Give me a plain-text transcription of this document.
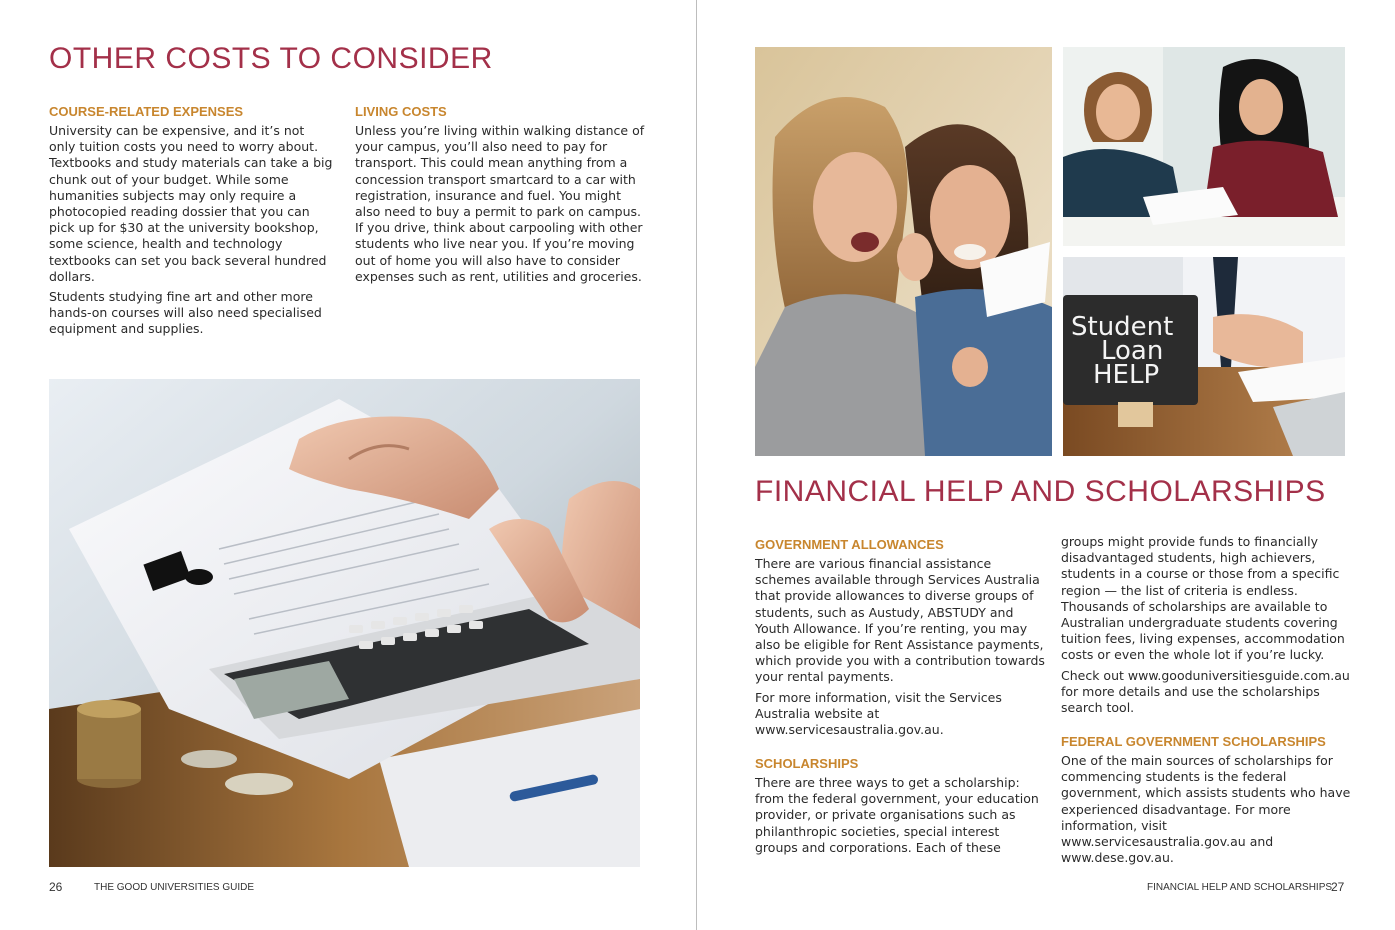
OTHER COSTS TO CONSIDER
COURSE-RELATED EXPENSES

University can be expensive, and it’s not only tuition costs you need to worry about. Textbooks and study materials can take a big chunk out of your budget. While some humanities subjects may only require a photocopied reading dossier that you can pick up for $30 at the university bookshop, some science, health and technology textbooks can set you back several hundred dollars.

Students studying fine art and other more hands-on courses will also need specialised equipment and supplies.

LIVING COSTS

Unless you’re living within walking distance of your campus, you’ll also need to pay for transport. This could mean anything from a concession transport smartcard to a car with registration, insurance and fuel. You might also need to buy a permit to park on campus. If you drive, think about carpooling with other students who live near you. If you’re moving out of home you will also have to consider expenses such as rent, utilities and groceries.

26	THE GOOD UNIVERSITIES GUIDE
Student
Loan
HELP
FINANCIAL HELP AND SCHOLARSHIPS
GOVERNMENT ALLOWANCES

There are various financial assistance schemes available through Services Australia that provide allowances to diverse groups of students, such as Austudy, ABSTUDY and Youth Allowance. If you’re renting, you may also be eligible for Rent Assistance payments, which provide you with a contribution towards your rental payments.

For more information, visit the Services Australia website at www.servicesaustralia.gov.au.

SCHOLARSHIPS

There are three ways to get a scholarship: from the federal government, your education provider, or private organisations such as philanthropic societies, special interest groups and corporations. Each of these

groups might provide funds to financially disadvantaged students, high achievers, students in a course or those from a specific region — the list of criteria is endless. Thousands of scholarships are available to Australian undergraduate students covering tuition fees, living expenses, accommodation costs or even the whole lot if you’re lucky.

Check out www.gooduniversitiesguide.com.au for more details and use the scholarships search tool.

FEDERAL GOVERNMENT SCHOLARSHIPS

One of the main sources of scholarships for commencing students is the federal government, which assists students who have experienced disadvantage. For more information, visit www.servicesaustralia.gov.au and www.dese.gov.au.

FINANCIAL HELP AND SCHOLARSHIPS
27
